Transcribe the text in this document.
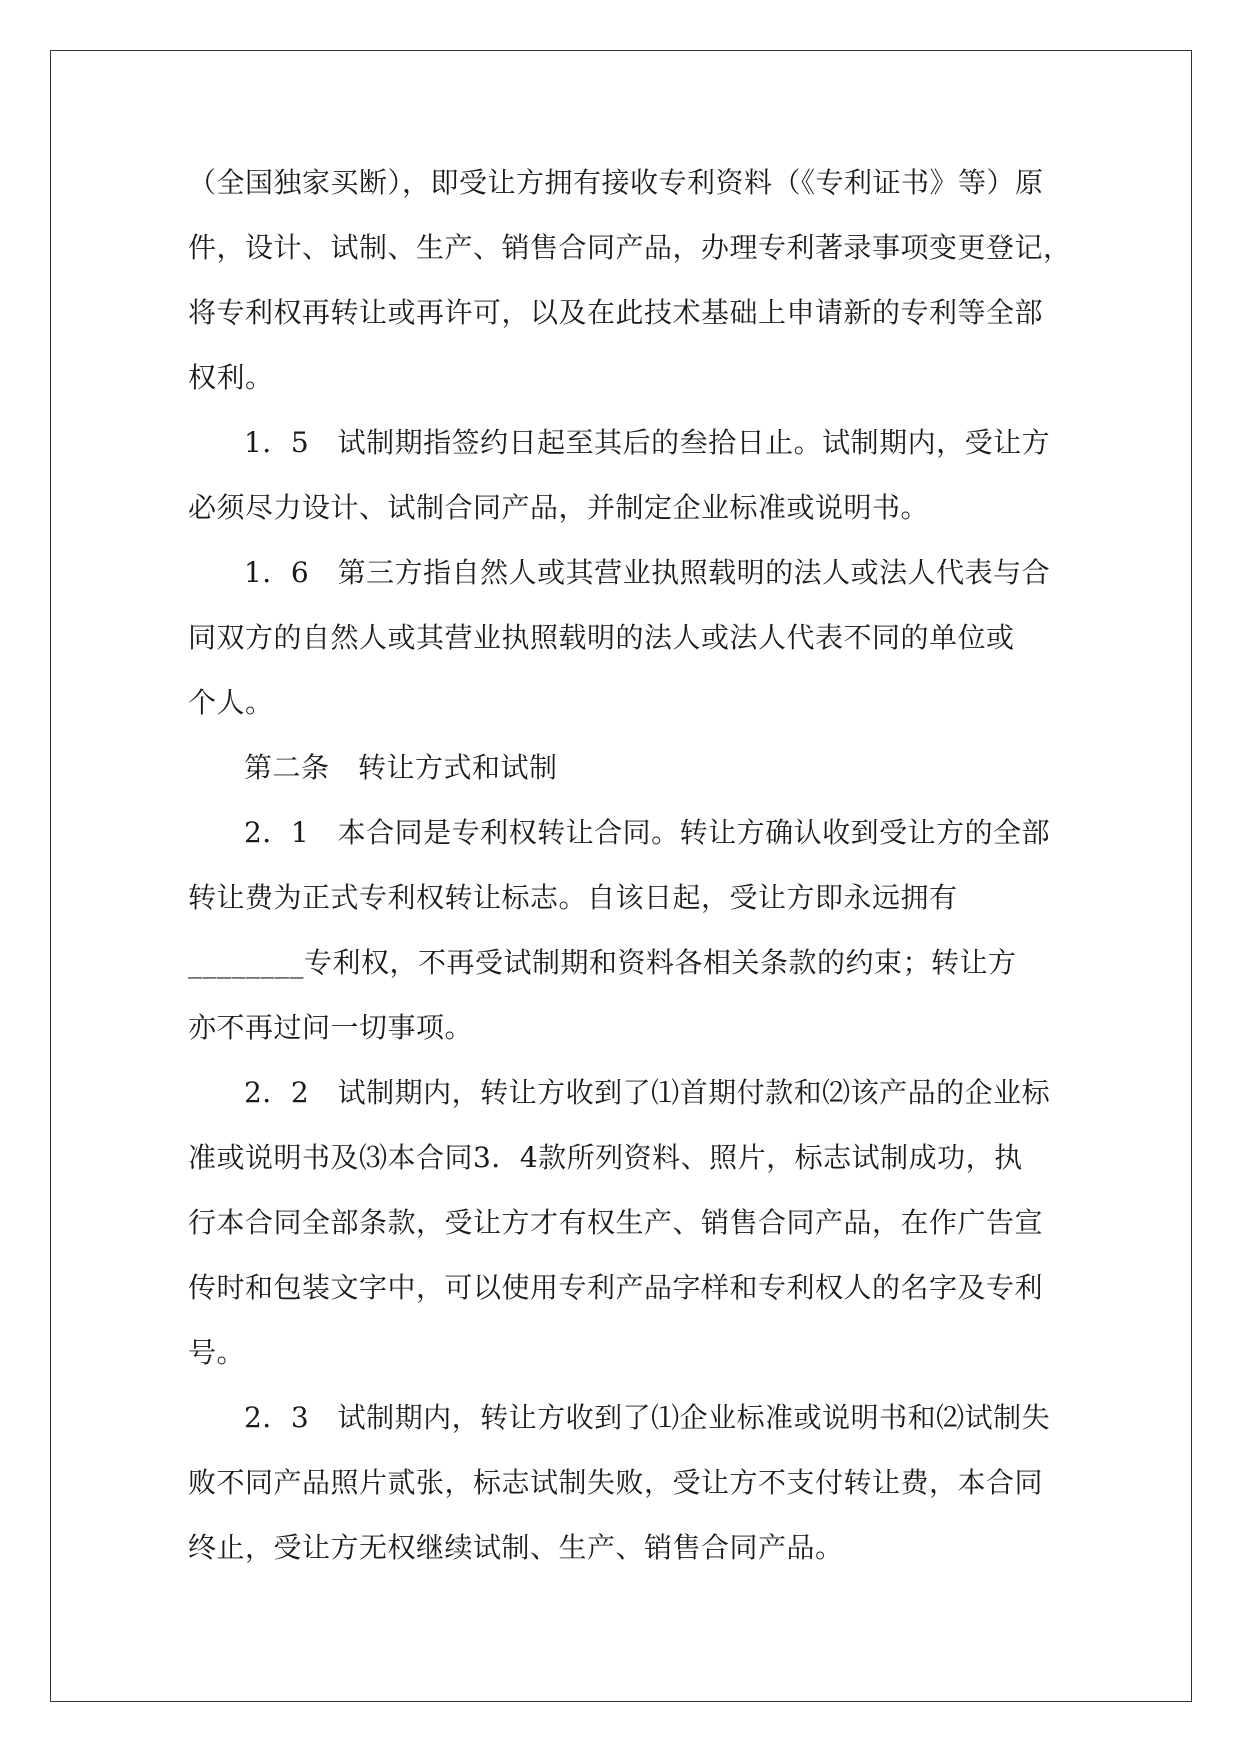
（全国独家买断），即受让方拥有接收专利资料（《专利证书》等）原
件，设计、试制、生产、销售合同产品，办理专利著录事项变更登记，
将专利权再转让或再许可，以及在此技术基础上申请新的专利等全部
权利。
1．5　试制期指签约日起至其后的叁拾日止。试制期内，受让方
必须尽力设计、试制合同产品，并制定企业标准或说明书。
1．6　第三方指自然人或其营业执照载明的法人或法人代表与合
同双方的自然人或其营业执照载明的法人或法人代表不同的单位或
个人。
第二条　转让方式和试制
2．1　本合同是专利权转让合同。转让方确认收到受让方的全部
转让费为正式专利权转让标志。自该日起，受让方即永远拥有
________专利权，不再受试制期和资料各相关条款的约束；转让方
亦不再过问一切事项。
2．2　试制期内，转让方收到了⑴首期付款和⑵该产品的企业标
准或说明书及⑶本合同3．4款所列资料、照片，标志试制成功，执
行本合同全部条款，受让方才有权生产、销售合同产品，在作广告宣
传时和包装文字中，可以使用专利产品字样和专利权人的名字及专利
号。
2．3　试制期内，转让方收到了⑴企业标准或说明书和⑵试制失
败不同产品照片贰张，标志试制失败，受让方不支付转让费，本合同
终止，受让方无权继续试制、生产、销售合同产品。
